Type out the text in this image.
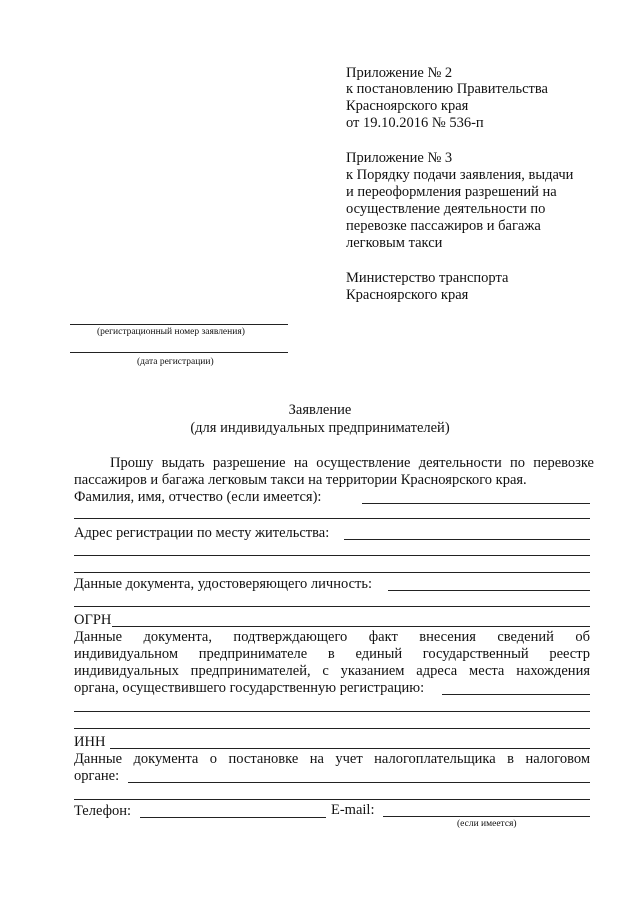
Приложение № 2
к постановлению Правительства
Красноярского края
от 19.10.2016 № 536-п
Приложение № 3
к Порядку подачи заявления, выдачи
и переоформления разрешений на
осуществление деятельности по
перевозке пассажиров и багажа
легковым такси
Министерство транспорта
Красноярского края
(регистрационный номер заявления)
(дата регистрации)
Заявление
(для индивидуальных предпринимателей)
Прошу выдать разрешение на осуществление деятельности по перевозке
пассажиров и багажа легковым такси на территории Красноярского края.
Фамилия, имя, отчество (если имеется):
Адрес регистрации по месту жительства:
Данные документа, удостоверяющего личность:
ОГРН
Данные документа, подтверждающего факт внесения сведений об
индивидуальном предпринимателе в единый государственный реестр
индивидуальных предпринимателей, с указанием адреса места нахождения
органа, осуществившего государственную регистрацию:
ИНН
Данные документа о постановке на учет налогоплательщика в налоговом
органе:
Телефон:	E-mail:
(если имеется)
